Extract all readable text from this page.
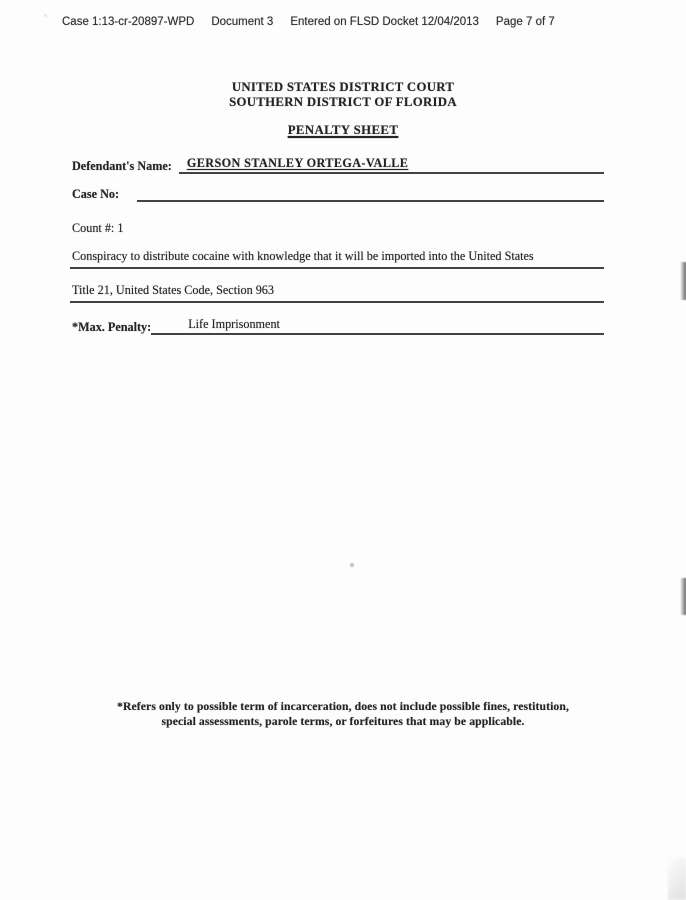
Case 1:13-cr-20897-WPD Document 3 Entered on FLSD Docket 12/04/2013 Page 7 of 7
UNITED STATES DISTRICT COURT
SOUTHERN DISTRICT OF FLORIDA
PENALTY SHEET
Defendant's Name:	GERSON STANLEY ORTEGA-VALLE
Case No:
Count #: 1
Conspiracy to distribute cocaine with knowledge that it will be imported into the United States
Title 21, United States Code, Section 963
*Max. Penalty:	Life Imprisonment
*Refers only to possible term of incarceration, does not include possible fines, restitution,
special assessments, parole terms, or forfeitures that may be applicable.
